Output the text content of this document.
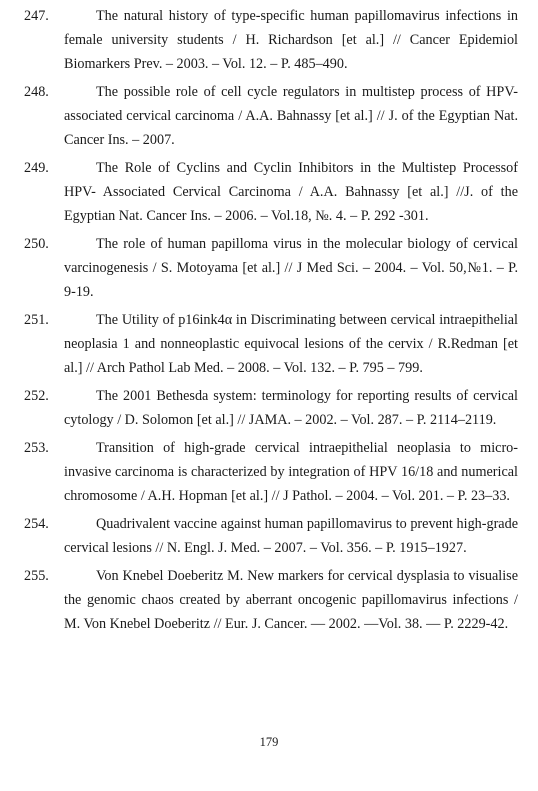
247.	The natural history of type-specific human papillomavirus infections in female university students / H. Richardson [et al.] // Cancer Epidemiol Biomarkers Prev. – 2003. – Vol. 12. – P. 485–490.
248.	The possible role of cell cycle regulators in multistep process of HPV-associated cervical carcinoma / A.A. Bahnassy [et al.] // J. of the Egyptian Nat. Cancer Ins. – 2007.
249.	The Role of Cyclins and Cyclin Inhibitors in the Multistep Processof HPV- Associated Cervical Carcinoma / A.A. Bahnassy [et al.] //J. of the Egyptian Nat. Cancer Ins. – 2006. – Vol.18, №. 4. – P. 292 -301.
250.	The role of human papilloma virus in the molecular biology of cervical varcinogenesis / S. Motoyama [et al.] // J Med Sci. – 2004. – Vol. 50,№1. – P. 9-19.
251.	The Utility of p16ink4α in Discriminating between cervical intraepithelial neoplasia 1 and nonneoplastic equivocal lesions of the cervix / R.Redman [et al.] // Arch Pathol Lab Med. – 2008. – Vol. 132. – P. 795 – 799.
252.	The 2001 Bethesda system: terminology for reporting results of cervical cytology / D. Solomon [et al.] // JAMA. – 2002. – Vol. 287. – P. 2114–2119.
253.	Transition of high-grade cervical intraepithelial neoplasia to micro-invasive carcinoma is characterized by integration of HPV 16/18 and numerical chromosome / A.H. Hopman [et al.] // J Pathol. – 2004. – Vol. 201. – P. 23–33.
254.	Quadrivalent vaccine against human papillomavirus to prevent high-grade cervical lesions // N. Engl. J. Med. – 2007. – Vol. 356. – P. 1915–1927.
255.	Von Knebel Doeberitz M. New markers for cervical dysplasia to visualise the genomic chaos created by aberrant oncogenic papillomavirus infections / M. Von Knebel Doeberitz // Eur. J. Cancer. — 2002. —Vol. 38. — P. 2229-42.
179
